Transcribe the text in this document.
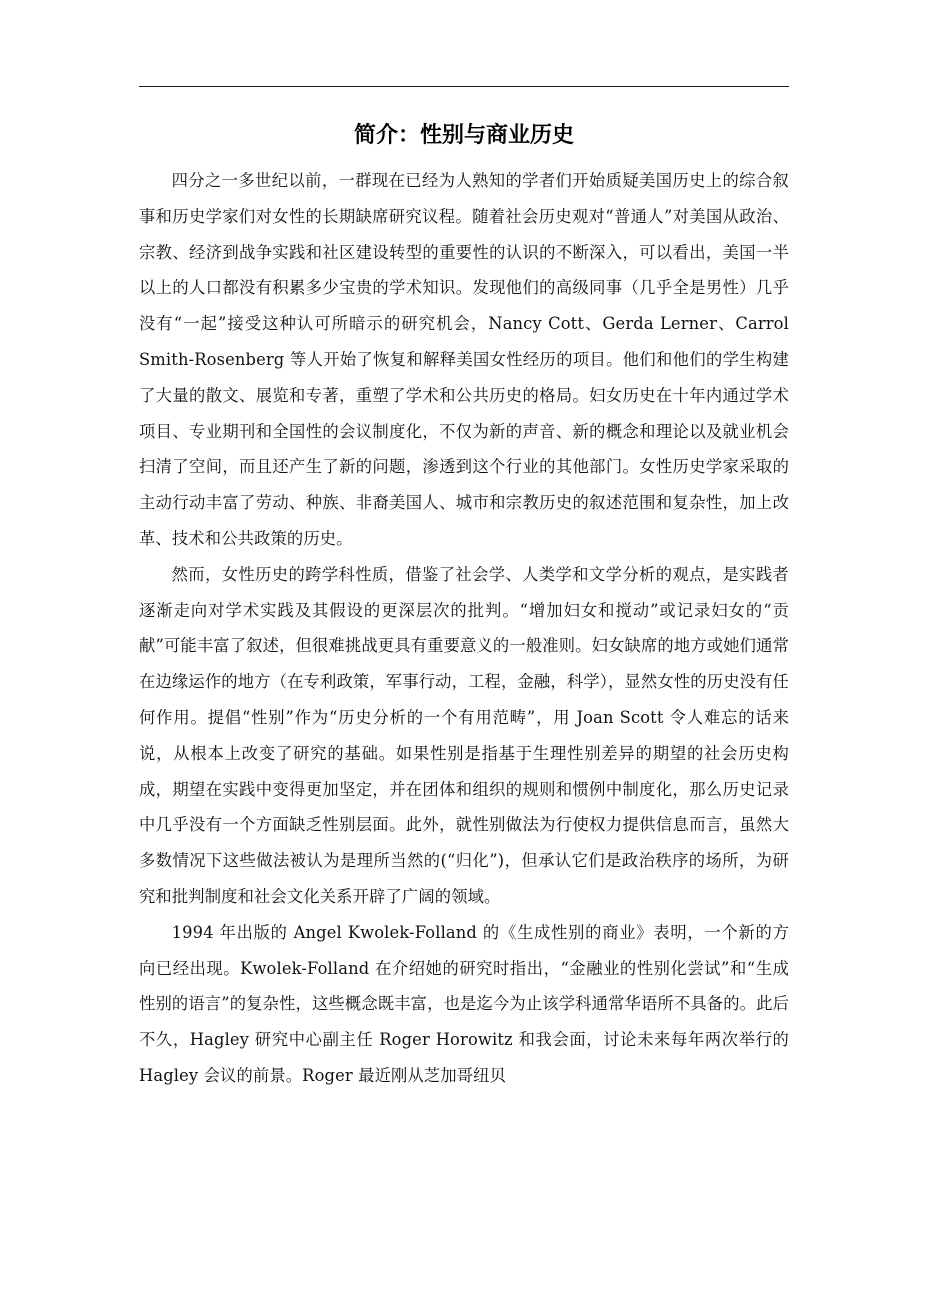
简介：性别与商业历史

四分之一多世纪以前，一群现在已经为人熟知的学者们开始质疑美国历史上的综合叙事和历史学家们对女性的长期缺席研究议程。随着社会历史观对“普通人”对美国从政治、宗教、经济到战争实践和社区建设转型的重要性的认识的不断深入，可以看出，美国一半以上的人口都没有积累多少宝贵的学术知识。发现他们的高级同事（几乎全是男性）几乎没有“一起”接受这种认可所暗示的研究机会，Nancy Cott、Gerda Lerner、Carrol Smith-Rosenberg 等人开始了恢复和解释美国女性经历的项目。他们和他们的学生构建了大量的散文、展览和专著，重塑了学术和公共历史的格局。妇女历史在十年内通过学术项目、专业期刊和全国性的会议制度化，不仅为新的声音、新的概念和理论以及就业机会扫清了空间，而且还产生了新的问题，渗透到这个行业的其他部门。女性历史学家采取的主动行动丰富了劳动、种族、非裔美国人、城市和宗教历史的叙述范围和复杂性，加上改革、技术和公共政策的历史。

然而，女性历史的跨学科性质，借鉴了社会学、人类学和文学分析的观点，是实践者逐渐走向对学术实践及其假设的更深层次的批判。“增加妇女和搅动”或记录妇女的“贡献”可能丰富了叙述，但很难挑战更具有重要意义的一般准则。妇女缺席的地方或她们通常在边缘运作的地方（在专利政策，军事行动，工程，金融，科学），显然女性的历史没有任何作用。提倡“性别”作为“历史分析的一个有用范畴”，用 Joan Scott 令人难忘的话来说，从根本上改变了研究的基础。如果性别是指基于生理性别差异的期望的社会历史构成，期望在实践中变得更加坚定，并在团体和组织的规则和惯例中制度化，那么历史记录中几乎没有一个方面缺乏性别层面。此外，就性别做法为行使权力提供信息而言，虽然大多数情况下这些做法被认为是理所当然的(“归化”)，但承认它们是政治秩序的场所，为研究和批判制度和社会文化关系开辟了广阔的领域。

1994 年出版的 Angel Kwolek-Folland 的《生成性别的商业》表明，一个新的方向已经出现。Kwolek-Folland 在介绍她的研究时指出，“金融业的性别化尝试”和“生成性别的语言”的复杂性，这些概念既丰富，也是迄今为止该学科通常华语所不具备的。此后不久，Hagley 研究中心副主任 Roger Horowitz 和我会面，讨论未来每年两次举行的 Hagley 会议的前景。Roger 最近刚从芝加哥纽贝
